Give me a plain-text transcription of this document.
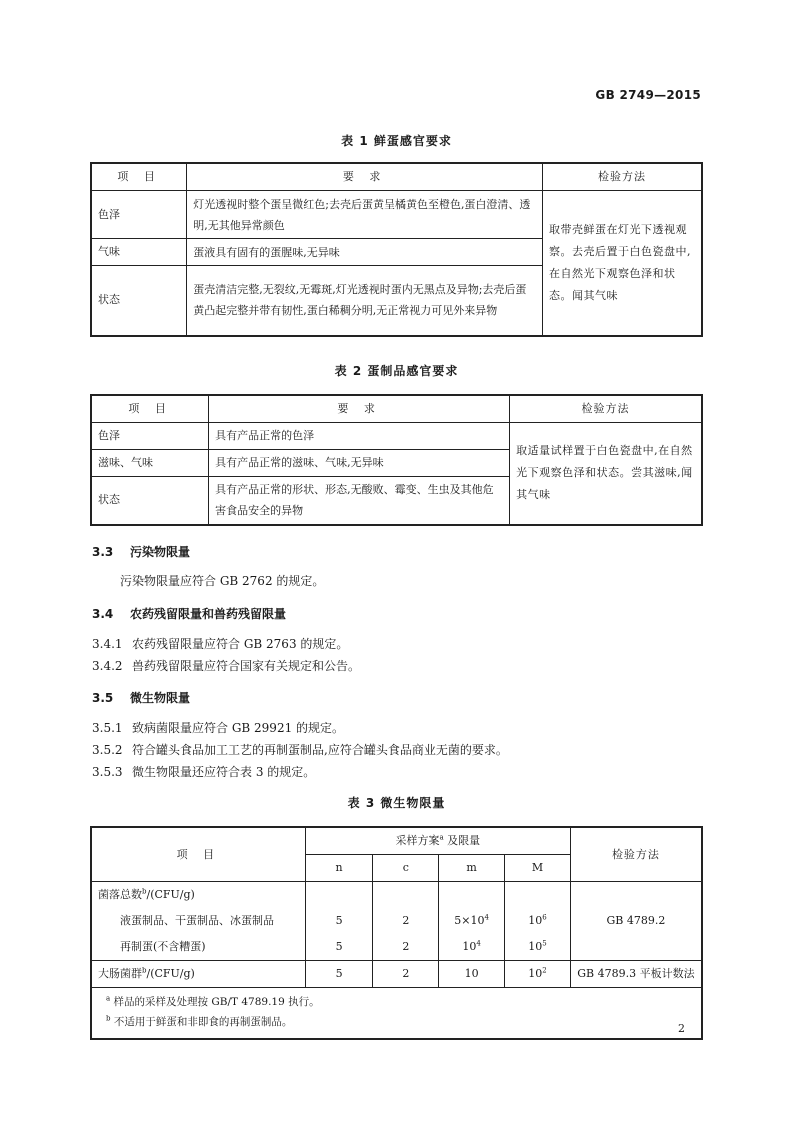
GB 2749—2015
表 1 鲜蛋感官要求
项 目	要 求	检验方法
色泽	灯光透视时整个蛋呈微红色;去壳后蛋黄呈橘黄色至橙色,蛋白澄清、透明,无其他异常颜色	取带壳鲜蛋在灯光下透视观察。去壳后置于白色瓷盘中,在自然光下观察色泽和状态。闻其气味
气味	蛋液具有固有的蛋腥味,无异味	
状态	蛋壳清洁完整,无裂纹,无霉斑,灯光透视时蛋内无黑点及异物;去壳后蛋黄凸起完整并带有韧性,蛋白稀稠分明,无正常视力可见外来异物	
表 2 蛋制品感官要求
项 目	要 求	检验方法
色泽	具有产品正常的色泽	取适量试样置于白色瓷盘中,在自然光下观察色泽和状态。尝其滋味,闻其气味
滋味、气味	具有产品正常的滋味、气味,无异味	
状态	具有产品正常的形状、形态,无酸败、霉变、生虫及其他危害食品安全的异物	
3.3 污染物限量
污染物限量应符合 GB 2762 的规定。
3.4 农药残留限量和兽药残留限量
3.4.1 农药残留限量应符合 GB 2763 的规定。
3.4.2 兽药残留限量应符合国家有关规定和公告。
3.5 微生物限量
3.5.1 致病菌限量应符合 GB 29921 的规定。
3.5.2 符合罐头食品加工工艺的再制蛋制品,应符合罐头食品商业无菌的要求。
3.5.3 微生物限量还应符合表 3 的规定。
表 3 微生物限量
项 目	采样方案$^a$ 及限量				检验方法
	n	c	m	M	
菌落总数$^b$/(CFU/g)					
液蛋制品、干蛋制品、冰蛋制品	5	2	$5\times 10^4$	$10^6$	GB 4789.2
再制蛋(不含糟蛋)	5	2	$10^4$	$10^5$	
大肠菌群$^b$/(CFU/g)	5	2	10	$10^2$	GB 4789.3 平板计数法

$^a$ 样品的采样及处理按 GB/T 4789.19 执行。
$^b$ 不适用于鲜蛋和非即食的再制蛋制品。						2
